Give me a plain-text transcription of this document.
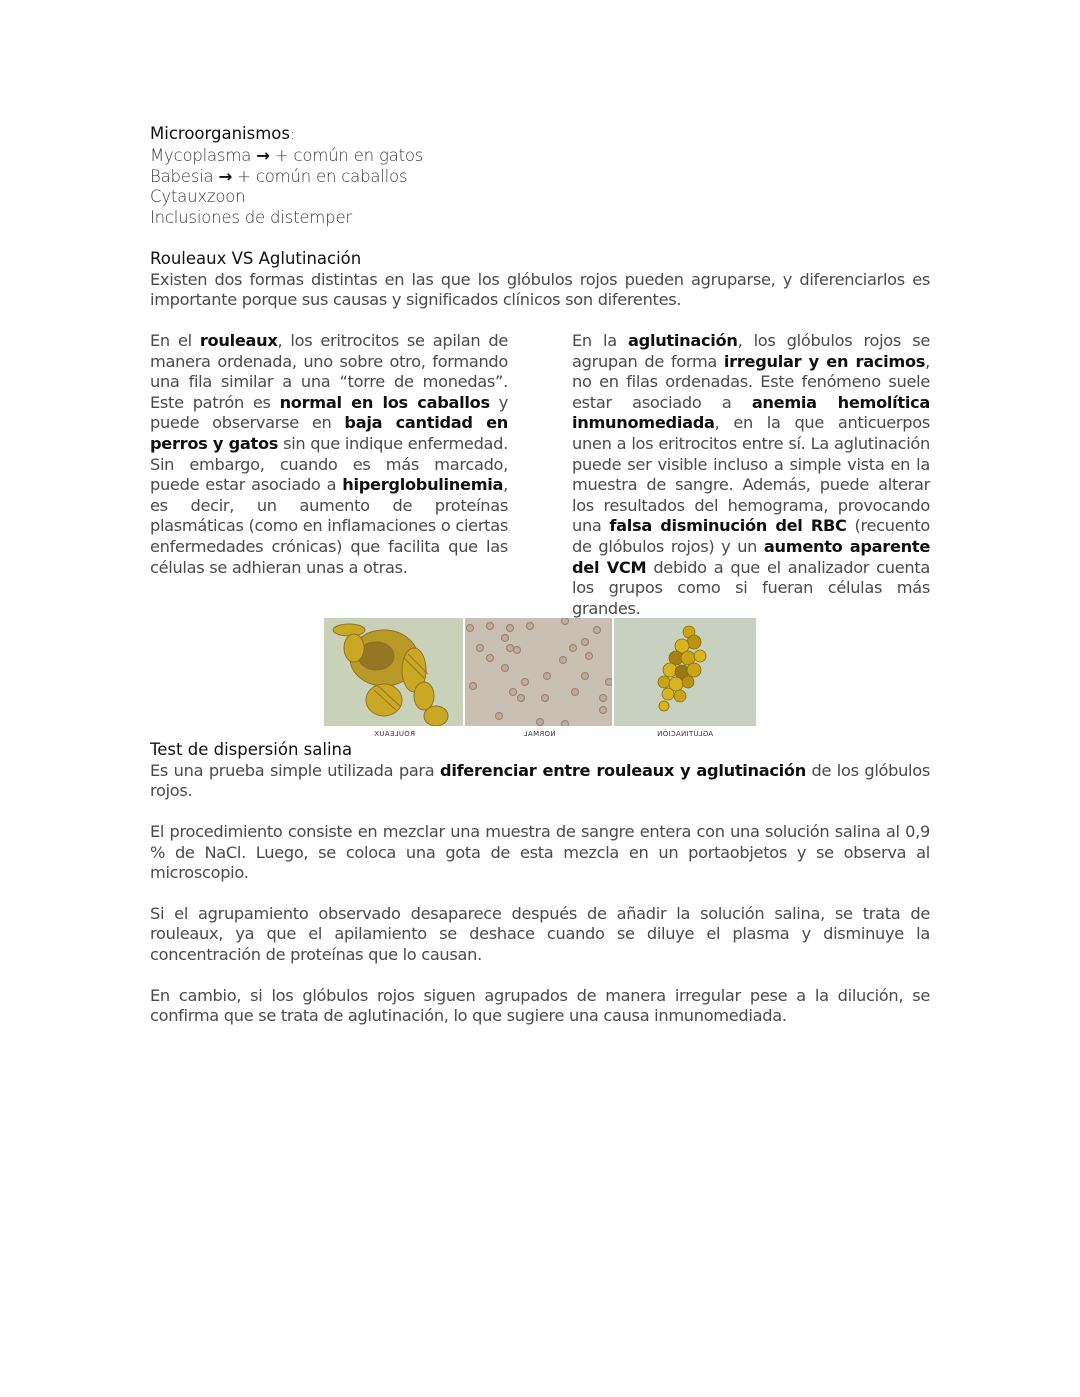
Microorganismos:
Mycoplasma → + común en gatos
Babesia → + común en caballos
Cytauxzoon
Inclusiones de distemper
Rouleaux VS Aglutinación
Existen dos formas distintas en las que los glóbulos rojos pueden agruparse, y diferenciarlos es importante porque sus causas y significados clínicos son diferentes.
En el rouleaux, los eritrocitos se apilan de manera ordenada, uno sobre otro, formando una fila similar a una “torre de monedas”. Este patrón es normal en los caballos y puede observarse en baja cantidad en perros y gatos sin que indique enfermedad. Sin embargo, cuando es más marcado, puede estar asociado a hiperglobulinemia, es decir, un aumento de proteínas plasmáticas (como en inflamaciones o ciertas enfermedades crónicas) que facilita que las células se adhieran unas a otras.
En la aglutinación, los glóbulos rojos se agrupan de forma irregular y en racimos, no en filas ordenadas. Este fenómeno suele estar asociado a anemia hemolítica inmunomediada, en la que anticuerpos unen a los eritrocitos entre sí. La aglutinación puede ser visible incluso a simple vista en la muestra de sangre. Además, puede alterar los resultados del hemograma, provocando una falsa disminución del RBC (recuento de glóbulos rojos) y un aumento aparente del VCM debido a que el analizador cuenta los grupos como si fueran células más grandes.
ROULEAUX	NORMAL	AGLUTINACIÓN
Test de dispersión salina
Es una prueba simple utilizada para diferenciar entre rouleaux y aglutinación de los glóbulos rojos.
El procedimiento consiste en mezclar una muestra de sangre entera con una solución salina al 0,9 % de NaCl. Luego, se coloca una gota de esta mezcla en un portaobjetos y se observa al microscopio.
Si el agrupamiento observado desaparece después de añadir la solución salina, se trata de rouleaux, ya que el apilamiento se deshace cuando se diluye el plasma y disminuye la concentración de proteínas que lo causan.
En cambio, si los glóbulos rojos siguen agrupados de manera irregular pese a la dilución, se confirma que se trata de aglutinación, lo que sugiere una causa inmunomediada.
